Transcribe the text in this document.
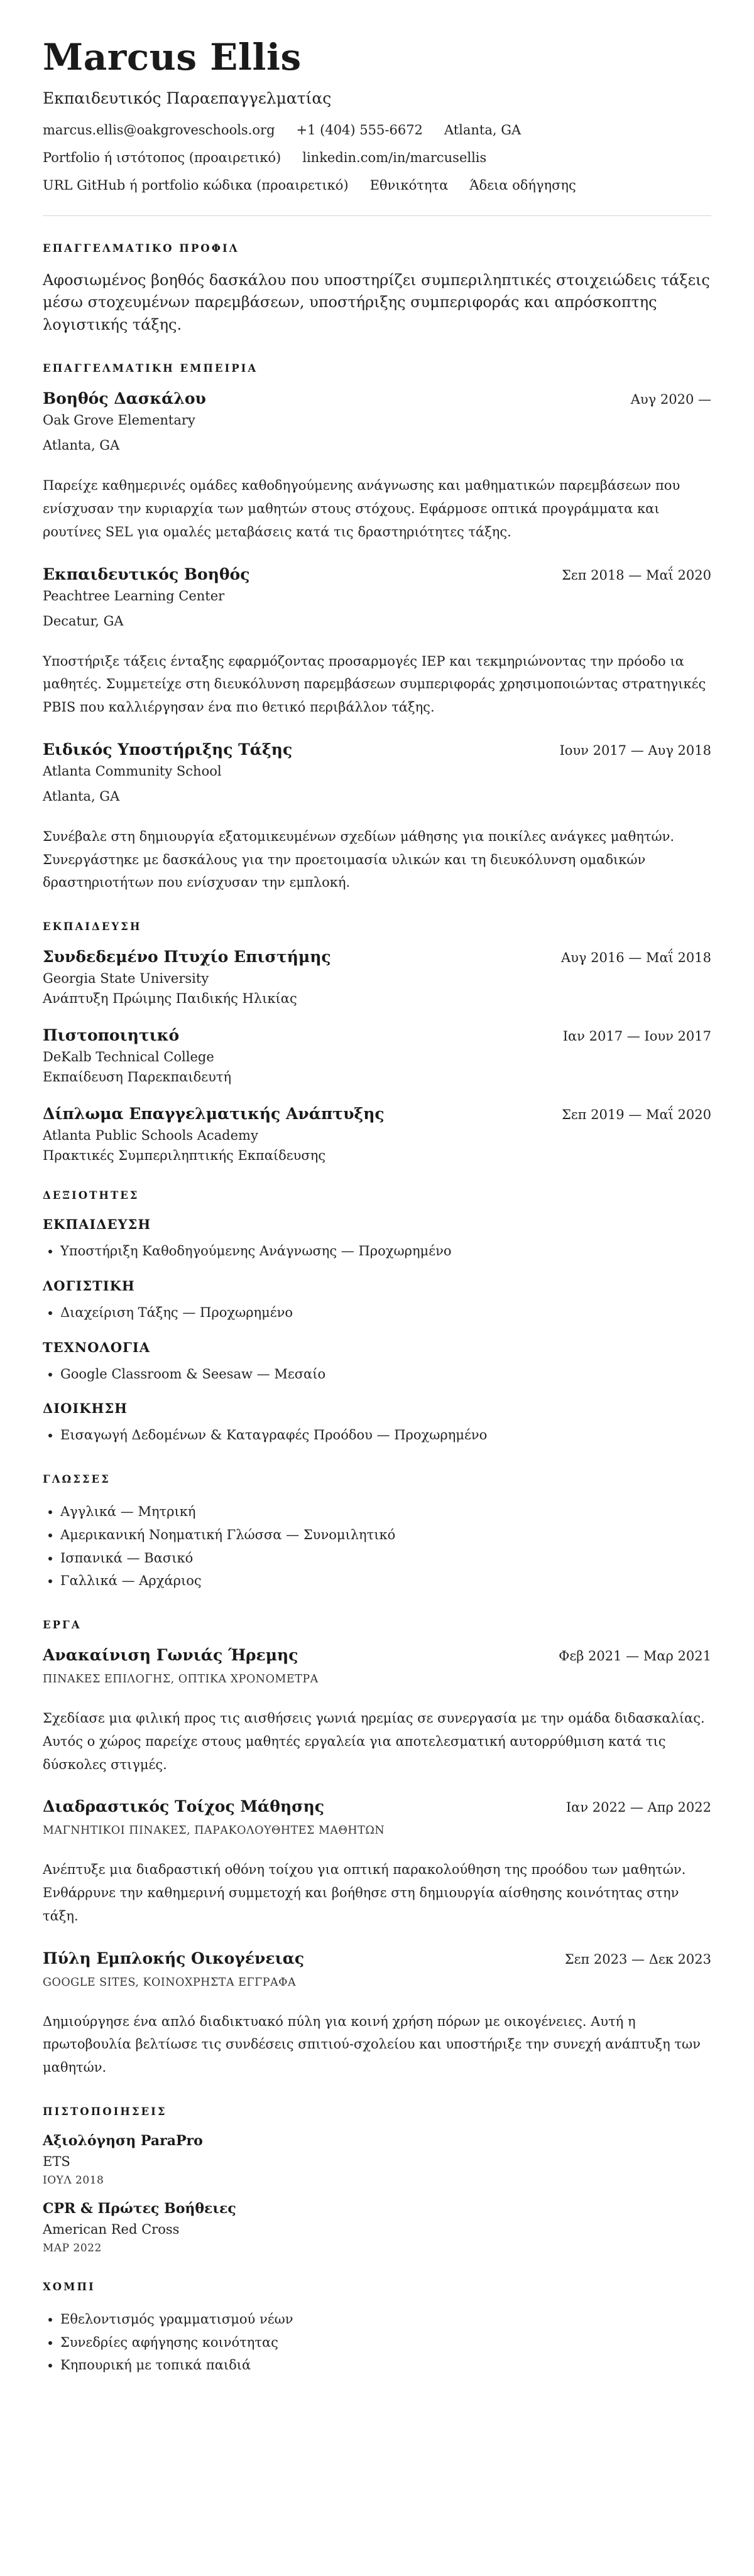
Marcus Ellis
Εκπαιδευτικός Παραεπαγγελματίας
marcus.ellis@oakgroveschools.org +1 (404) 555-6672 Atlanta, GA
Portfolio ή ιστότοπος (προαιρετικό) linkedin.com/in/marcusellis
URL GitHub ή portfolio κώδικα (προαιρετικό) Εθνικότητα Άδεια οδήγησης
ΕΠΑΓΓΕΛΜΑΤΙΚΟ ΠΡΟΦΙΛ
Αφοσιωμένος βοηθός δασκάλου που υποστηρίζει συμπεριληπτικές στοιχειώδεις τάξεις μέσω στοχευμένων παρεμβάσεων, υποστήριξης συμπεριφοράς και απρόσκοπτης λογιστικής τάξης.
ΕΠΑΓΓΕΛΜΑΤΙΚΗ ΕΜΠΕΙΡΙΑ
Βοηθός Δασκάλου	Αυγ 2020 —
Oak Grove Elementary
Atlanta, GA
Παρείχε καθημερινές ομάδες καθοδηγούμενης ανάγνωσης και μαθηματικών παρεμβάσεων που ενίσχυσαν την κυριαρχία των μαθητών στους στόχους. Εφάρμοσε οπτικά προγράμματα και ρουτίνες SEL για ομαλές μεταβάσεις κατά τις δραστηριότητες τάξης.
Εκπαιδευτικός Βοηθός	Σεπ 2018 — Μαΐ 2020
Peachtree Learning Center
Decatur, GA
Υποστήριξε τάξεις ένταξης εφαρμόζοντας προσαρμογές IEP και τεκμηριώνοντας την πρόοδο ια μαθητές. Συμμετείχε στη διευκόλυνση παρεμβάσεων συμπεριφοράς χρησιμοποιώντας στρατηγικές PBIS που καλλιέργησαν ένα πιο θετικό περιβάλλον τάξης.
Ειδικός Υποστήριξης Τάξης	Ιουν 2017 — Αυγ 2018
Atlanta Community School
Atlanta, GA
Συνέβαλε στη δημιουργία εξατομικευμένων σχεδίων μάθησης για ποικίλες ανάγκες μαθητών. Συνεργάστηκε με δασκάλους για την προετοιμασία υλικών και τη διευκόλυνση ομαδικών δραστηριοτήτων που ενίσχυσαν την εμπλοκή.
ΕΚΠΑΙΔΕΥΣΗ
Συνδεδεμένο Πτυχίο Επιστήμης	Αυγ 2016 — Μαΐ 2018
Georgia State University
Ανάπτυξη Πρώιμης Παιδικής Ηλικίας
Πιστοποιητικό	Ιαν 2017 — Ιουν 2017
DeKalb Technical College
Εκπαίδευση Παρεκπαιδευτή
Δίπλωμα Επαγγελματικής Ανάπτυξης	Σεπ 2019 — Μαΐ 2020
Atlanta Public Schools Academy
Πρακτικές Συμπεριληπτικής Εκπαίδευσης
ΔΕΞΙΟΤΗΤΕΣ
ΕΚΠΑΙΔΕΥΣΗ
• Υποστήριξη Καθοδηγούμενης Ανάγνωσης — Προχωρημένο
ΛΟΓΙΣΤΙΚΗ
• Διαχείριση Τάξης — Προχωρημένο
ΤΕΧΝΟΛΟΓΙΑ
• Google Classroom & Seesaw — Μεσαίο
ΔΙΟΙΚΗΣΗ
• Εισαγωγή Δεδομένων & Καταγραφές Προόδου — Προχωρημένο
ΓΛΩΣΣΕΣ
• Αγγλικά — Μητρική
• Αμερικανική Νοηματική Γλώσσα — Συνομιλητικό
• Ισπανικά — Βασικό
• Γαλλικά — Αρχάριος
ΕΡΓΑ
Ανακαίνιση Γωνιάς Ήρεμης	Φεβ 2021 — Μαρ 2021
ΠΙΝΑΚΕΣ ΕΠΙΛΟΓΗΣ, ΟΠΤΙΚΑ ΧΡΟΝΟΜΕΤΡΑ
Σχεδίασε μια φιλική προς τις αισθήσεις γωνιά ηρεμίας σε συνεργασία με την ομάδα διδασκαλίας. Αυτός ο χώρος παρείχε στους μαθητές εργαλεία για αποτελεσματική αυτορρύθμιση κατά τις δύσκολες στιγμές.
Διαδραστικός Τοίχος Μάθησης	Ιαν 2022 — Απρ 2022
ΜΑΓΝΗΤΙΚΟΙ ΠΙΝΑΚΕΣ, ΠΑΡΑΚΟΛΟΥΘΗΤΕΣ ΜΑΘΗΤΩΝ
Ανέπτυξε μια διαδραστική οθόνη τοίχου για οπτική παρακολούθηση της προόδου των μαθητών. Ενθάρρυνε την καθημερινή συμμετοχή και βοήθησε στη δημιουργία αίσθησης κοινότητας στην τάξη.
Πύλη Εμπλοκής Οικογένειας	Σεπ 2023 — Δεκ 2023
GOOGLE SITES, ΚΟΙΝΟΧΡΗΣΤΑ ΕΓΓΡΑΦΑ
Δημιούργησε ένα απλό διαδικτυακό πύλη για κοινή χρήση πόρων με οικογένειες. Αυτή η πρωτοβουλία βελτίωσε τις συνδέσεις σπιτιού-σχολείου και υποστήριξε την συνεχή ανάπτυξη των μαθητών.
ΠΙΣΤΟΠΟΙΗΣΕΙΣ
Αξιολόγηση ParaPro
ETS
ΙΟΥΛ 2018
CPR & Πρώτες Βοήθειες
American Red Cross
ΜΑΡ 2022
ΧΟΜΠΙ
• Εθελοντισμός γραμματισμού νέων
• Συνεδρίες αφήγησης κοινότητας
• Κηπουρική με τοπικά παιδιά
